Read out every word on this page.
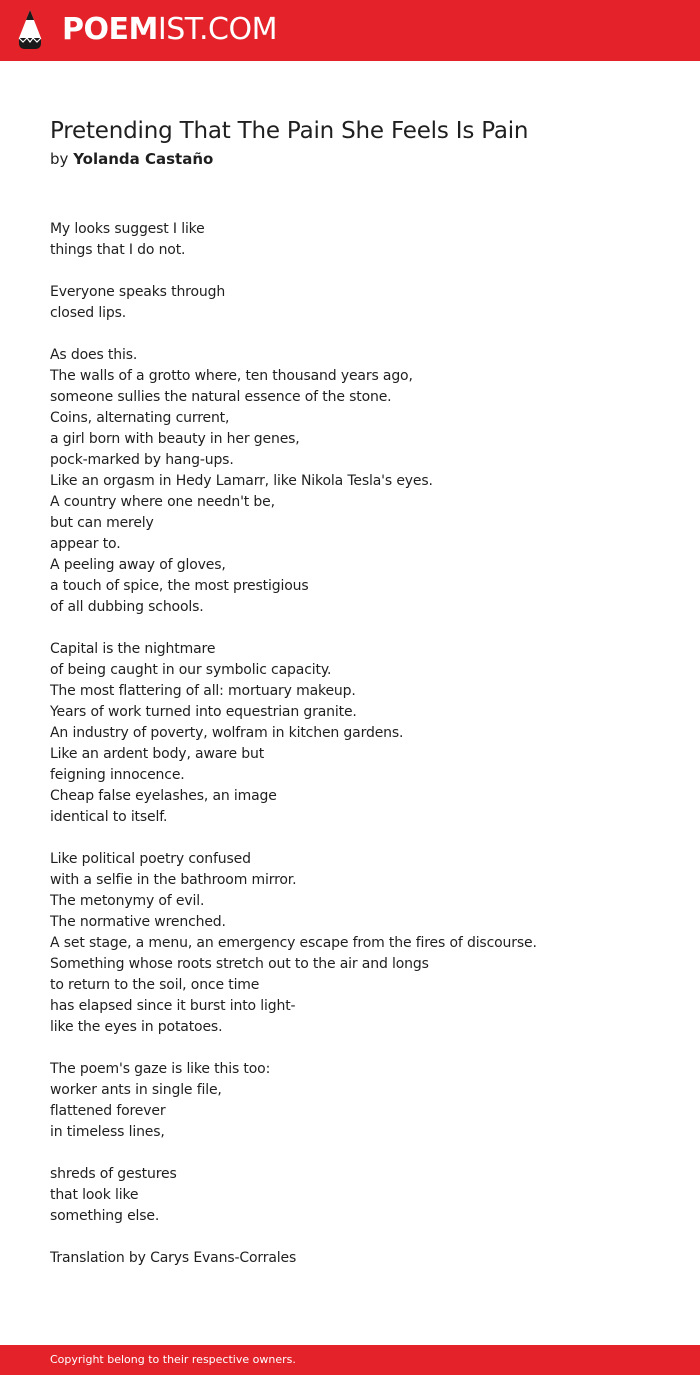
POEMIST.COM
Pretending That The Pain She Feels Is Pain
by Yolanda Castaño
My looks suggest I like
things that I do not.
Everyone speaks through
closed lips.
As does this.
The walls of a grotto where, ten thousand years ago,
someone sullies the natural essence of the stone.
Coins, alternating current,
a girl born with beauty in her genes,
pock-marked by hang-ups.
Like an orgasm in Hedy Lamarr, like Nikola Tesla's eyes.
A country where one needn't be,
but can merely
appear to.
A peeling away of gloves,
a touch of spice, the most prestigious
of all dubbing schools.
Capital is the nightmare
of being caught in our symbolic capacity.
The most flattering of all: mortuary makeup.
Years of work turned into equestrian granite.
An industry of poverty, wolfram in kitchen gardens.
Like an ardent body, aware but
feigning innocence.
Cheap false eyelashes, an image
identical to itself.
Like political poetry confused
with a selfie in the bathroom mirror.
The metonymy of evil.
The normative wrenched.
A set stage, a menu, an emergency escape from the fires of discourse.
Something whose roots stretch out to the air and longs
to return to the soil, once time
has elapsed since it burst into light-
like the eyes in potatoes.
The poem's gaze is like this too:
worker ants in single file,
flattened forever
in timeless lines,
shreds of gestures
that look like
something else.
Translation by Carys Evans-Corrales
Copyright belong to their respective owners.
